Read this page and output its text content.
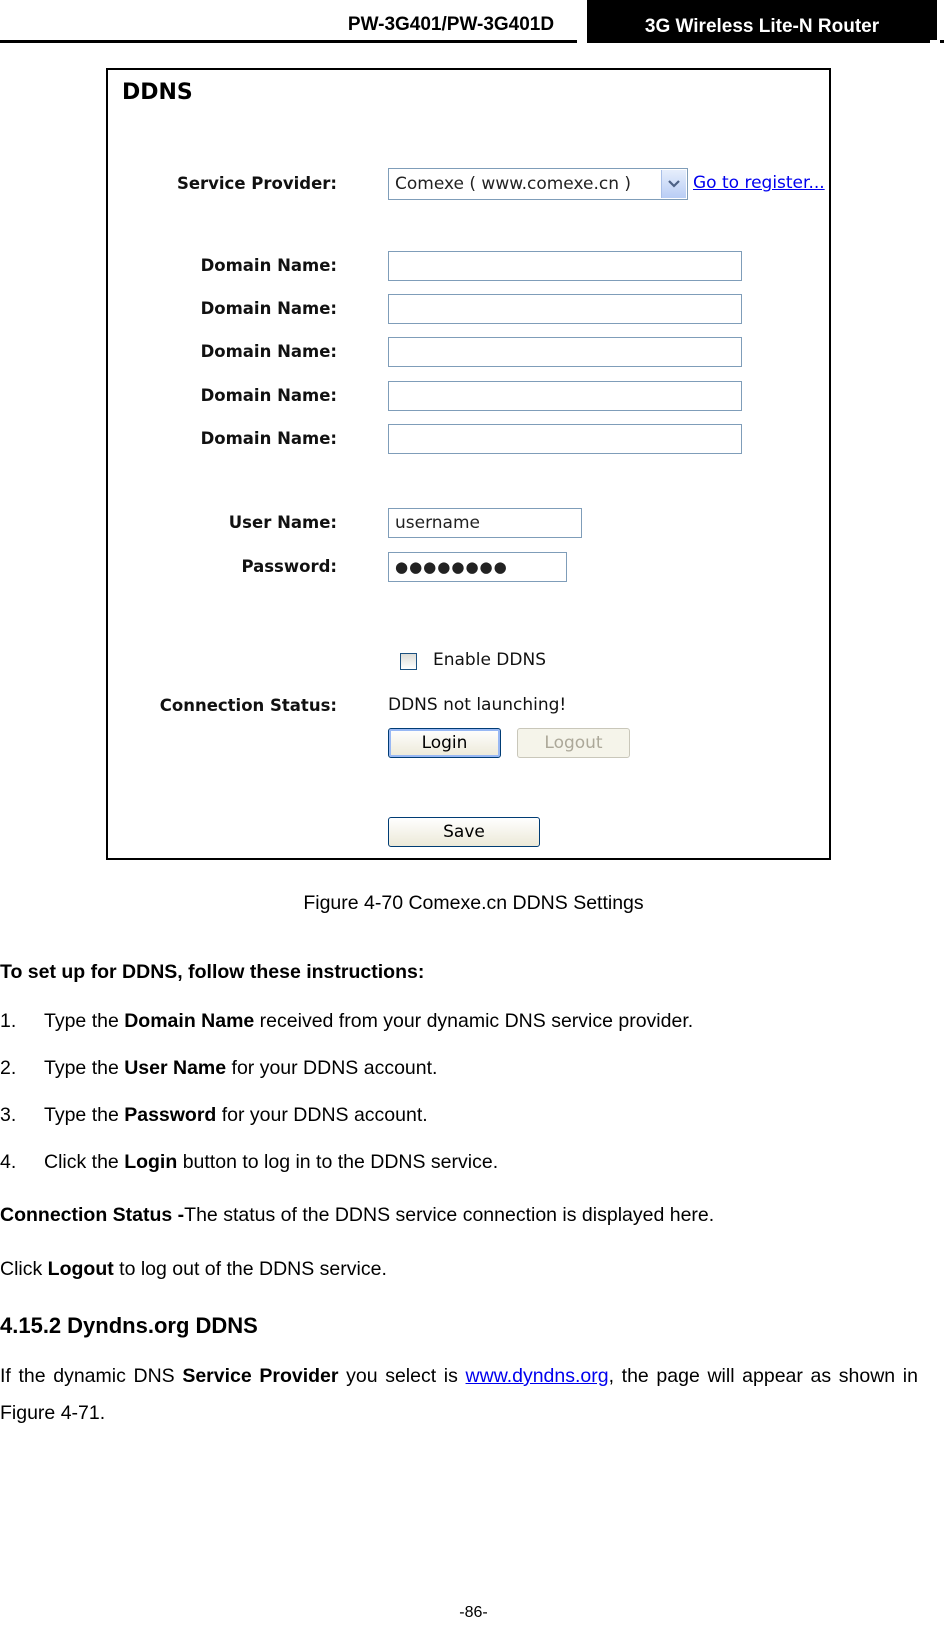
PW-3G401/PW-3G401D	3G Wireless Lite-N Router
DDNS
Service Provider:	Comexe ( www.comexe.cn )	Go to register...
Domain Name:
Domain Name:
Domain Name:
Domain Name:
Domain Name:
User Name:	username
Password:	●●●●●●●●
Enable DDNS
Connection Status:	DDNS not launching!
Login	Logout
Save
Figure 4-70 Comexe.cn DDNS Settings
To set up for DDNS, follow these instructions:
1. Type the Domain Name received from your dynamic DNS service provider.
2. Type the User Name for your DDNS account.
3. Type the Password for your DDNS account.
4. Click the Login button to log in to the DDNS service.
Connection Status -The status of the DDNS service connection is displayed here.
Click Logout to log out of the DDNS service.
4.15.2 Dyndns.org DDNS
If the dynamic DNS Service Provider you select is www.dyndns.org, the page will appear as shown in Figure 4-71.
-86-
